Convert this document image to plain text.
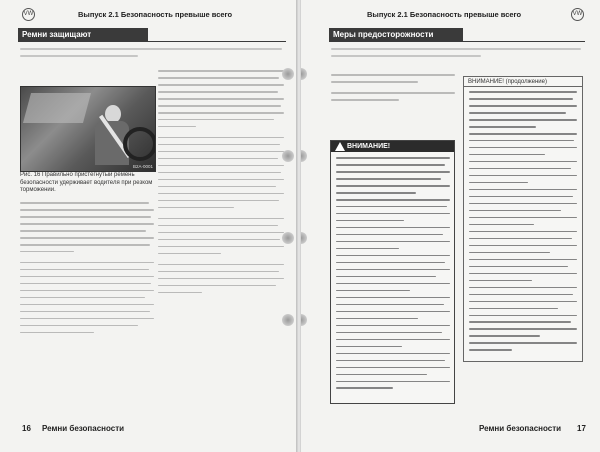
VW	Выпуск 2.1 Безопасность превыше всего
Ремни защищают
B2A-0001
Рис. 16 Правильно пристегнутый ремень безопасности удерживает водителя при резком торможении.
16 Ремни безопасности
Выпуск 2.1 Безопасность превыше всего	VW
Меры предосторожности
Ремни безопасности 17
ВНИМАНИЕ!
ВНИМАНИЕ! (продолжение)
